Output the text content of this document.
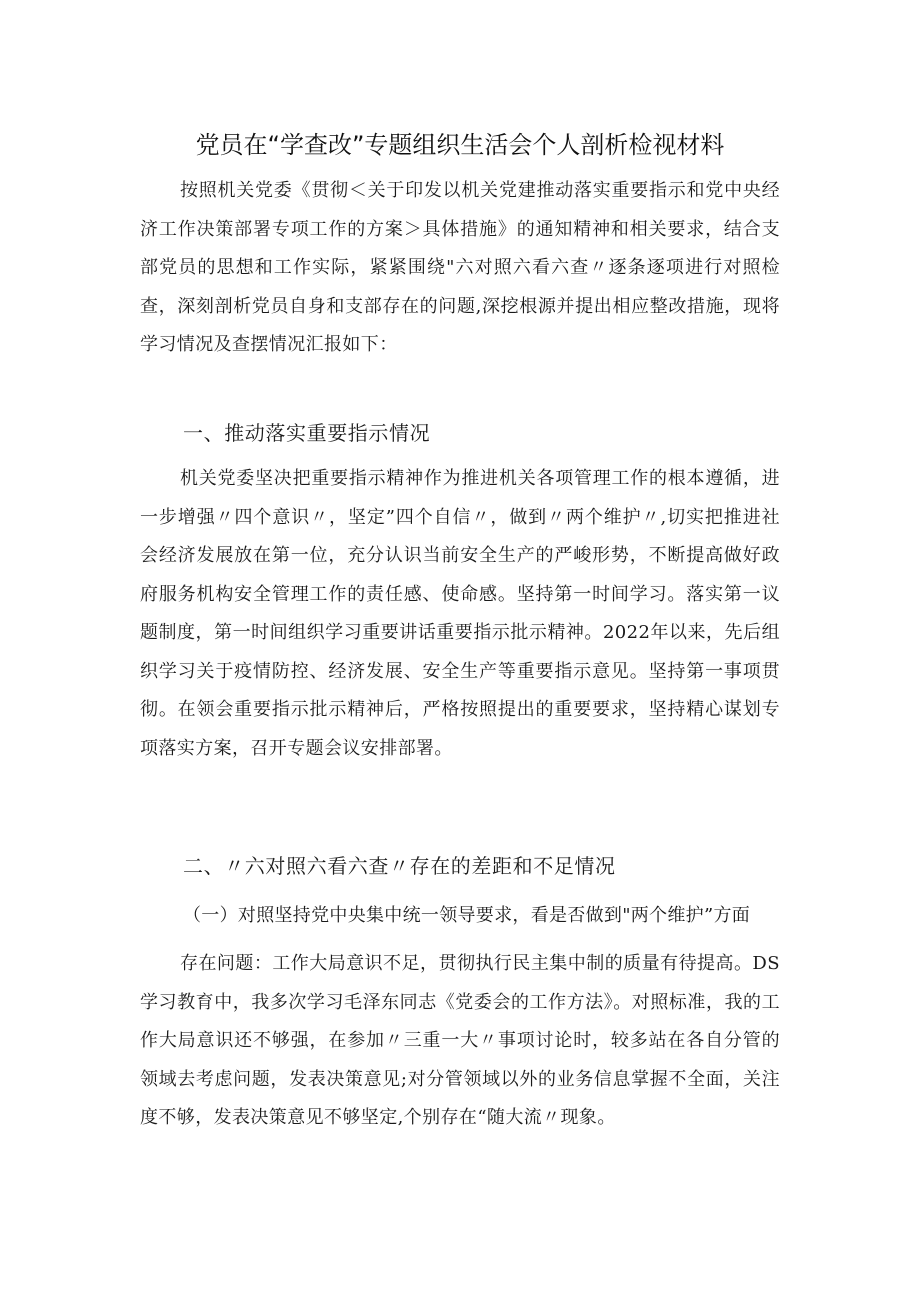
党员在“学查改”专题组织生活会个人剖析检视材料
按照机关党委《贯彻＜关于印发以机关党建推动落实重要指示和党中央经济工作决策部署专项工作的方案＞具体措施》的通知精神和相关要求，结合支部党员的思想和工作实际，紧紧围绕"六对照六看六查〃逐条逐项进行对照检查，深刻剖析党员自身和支部存在的问题,深挖根源并提出相应整改措施，现将学习情况及查摆情况汇报如下：
一、推动落实重要指示情况
机关党委坚决把重要指示精神作为推进机关各项管理工作的根本遵循，进一步增强〃四个意识〃，坚定”四个自信〃，做到〃两个维护〃,切实把推进社会经济发展放在第一位，充分认识当前安全生产的严峻形势，不断提高做好政府服务机构安全管理工作的责任感、使命感。坚持第一时间学习。落实第一议题制度，第一时间组织学习重要讲话重要指示批示精神。2022年以来，先后组织学习关于疫情防控、经济发展、安全生产等重要指示意见。坚持第一事项贯彻。在领会重要指示批示精神后，严格按照提出的重要要求，坚持精心谋划专项落实方案，召开专题会议安排部署。
二、〃六对照六看六查〃存在的差距和不足情况
（一）对照坚持党中央集中统一领导要求，看是否做到"两个维护”方面
存在问题：工作大局意识不足，贯彻执行民主集中制的质量有待提高。DS学习教育中，我多次学习毛泽东同志《党委会的工作方法》。对照标准，我的工作大局意识还不够强，在参加〃三重一大〃事项讨论时，较多站在各自分管的领域去考虑问题，发表决策意见;对分管领域以外的业务信息掌握不全面，关注度不够，发表决策意见不够坚定,个别存在“随大流〃现象。
